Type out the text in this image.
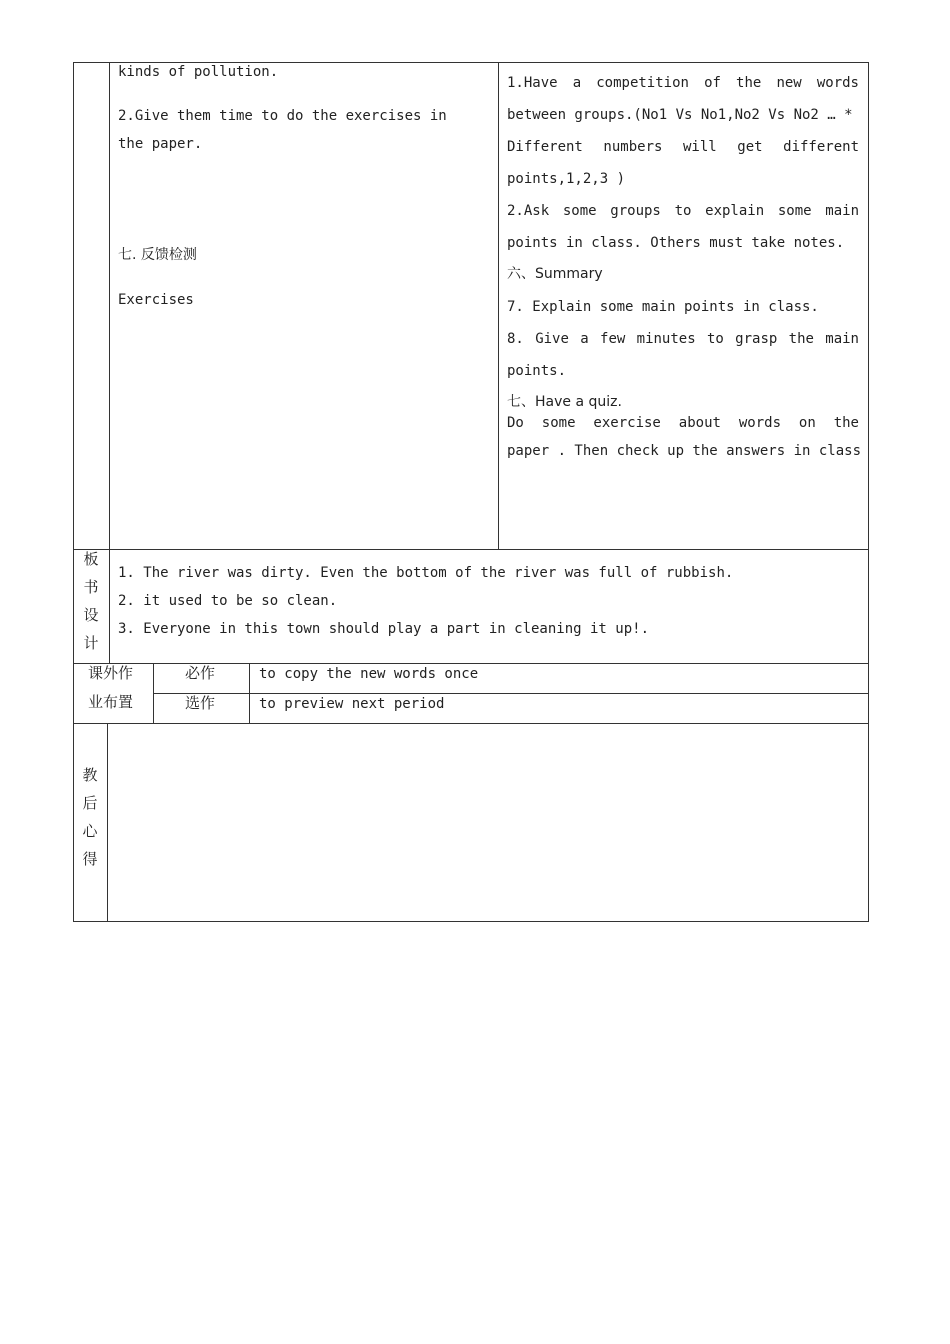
kinds of pollution.
2.Give them time to do the exercises in
the paper.
七. 反馈检测
Exercises
1.Have a competition of the new words
between groups.(No1 Vs No1,No2 Vs No2 … *
Different numbers will get different
points,1,2,3 )
2.Ask some groups to explain some main
points in class. Others must take notes.
六、Summary
7. Explain some main points in class.
8. Give a few minutes to grasp the main
points.
七、Have a quiz.
Do some exercise about words on the
paper . Then check up the answers in class
板
书
设
计
1. The river was dirty. Even the bottom of the river was full of rubbish.
2. it used to be so clean.
3. Everyone in this town should play a part in cleaning it up!.
课外作
业布置
必作	to copy the new words once
选作	to preview next period
教
后
心
得
